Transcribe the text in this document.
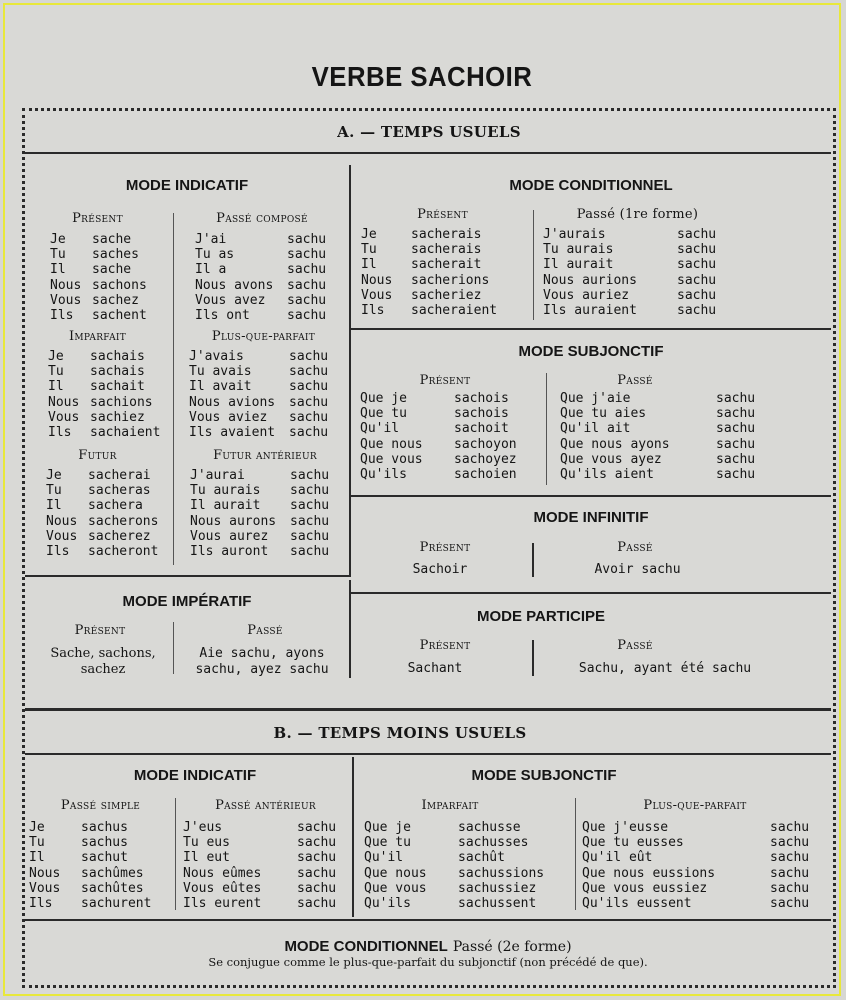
VERBE SACHOIR
A. — TEMPS USUELS
MODE INDICATIF
Présent
Je	sache
Tu	saches
Il	sache
Nous sachons
Vous sachez
Ils	sachent
Passé composé
J'ai	sachu
Tu as	sachu
Il a	sachu
Nous avons	sachu
Vous avez	sachu
Ils ont	sachu
Imparfait
Je	sachais
Tu	sachais
Il	sachait
Nous sachions
Vous sachiez
Ils	sachaient
Plus-que-parfait
J'avais	sachu
Tu avais	sachu
Il avait	sachu
Nous avions	sachu
Vous aviez	sachu
Ils avaient	sachu
Futur
Je	sacherai
Tu	sacheras
Il	sachera
Nous sacherons
Vous sacherez
Ils	sacheront
Futur antérieur
J'aurai	sachu
Tu aurais	sachu
Il aurait	sachu
Nous aurons	sachu
Vous aurez	sachu
Ils auront	sachu
MODE IMPÉRATIF
Présent
Sache, sachons,
sachez
Passé
Aie sachu, ayons
sachu, ayez sachu
MODE CONDITIONNEL
Présent
Je	sacherais
Tu	sacherais
Il	sacherait
Nous	sacherions
Vous	sacheriez
Ils	sacheraient
Passé (1re forme)
J'aurais	sachu
Tu aurais	sachu
Il aurait	sachu
Nous aurions	sachu
Vous auriez	sachu
Ils auraient	sachu
MODE SUBJONCTIF
Présent
Que je	sachois
Que tu	sachois
Qu'il	sachoit
Que nous	sachoyon
Que vous	sachoyez
Qu'ils	sachoien
Passé
Que j'aie	sachu
Que tu aies	sachu
Qu'il ait	sachu
Que nous ayons	sachu
Que vous ayez	sachu
Qu'ils aient	sachu
MODE INFINITIF
Présent
Sachoir
Passé
Avoir sachu
MODE PARTICIPE
Présent
Sachant
Passé
Sachu, ayant été sachu
B. — TEMPS MOINS USUELS
MODE INDICATIF
Passé simple
Je	sachus
Tu	sachus
Il	sachut
Nous	sachûmes
Vous	sachûtes
Ils	sachurent
Passé antérieur
J'eus	sachu
Tu eus	sachu
Il eut	sachu
Nous eûmes	sachu
Vous eûtes	sachu
Ils eurent	sachu
MODE SUBJONCTIF
Imparfait
Que je	sachusse
Que tu	sachusses
Qu'il	sachût
Que nous	sachussions
Que vous	sachussiez
Qu'ils	sachussent
Plus-que-parfait
Que j'eusse	sachu
Que tu eusses	sachu
Qu'il eût	sachu
Que nous eussions	sachu
Que vous eussiez	sachu
Qu'ils eussent	sachu
MODE CONDITIONNEL Passé (2e forme)
Se conjugue comme le plus-que-parfait du subjonctif (non précédé de que).
